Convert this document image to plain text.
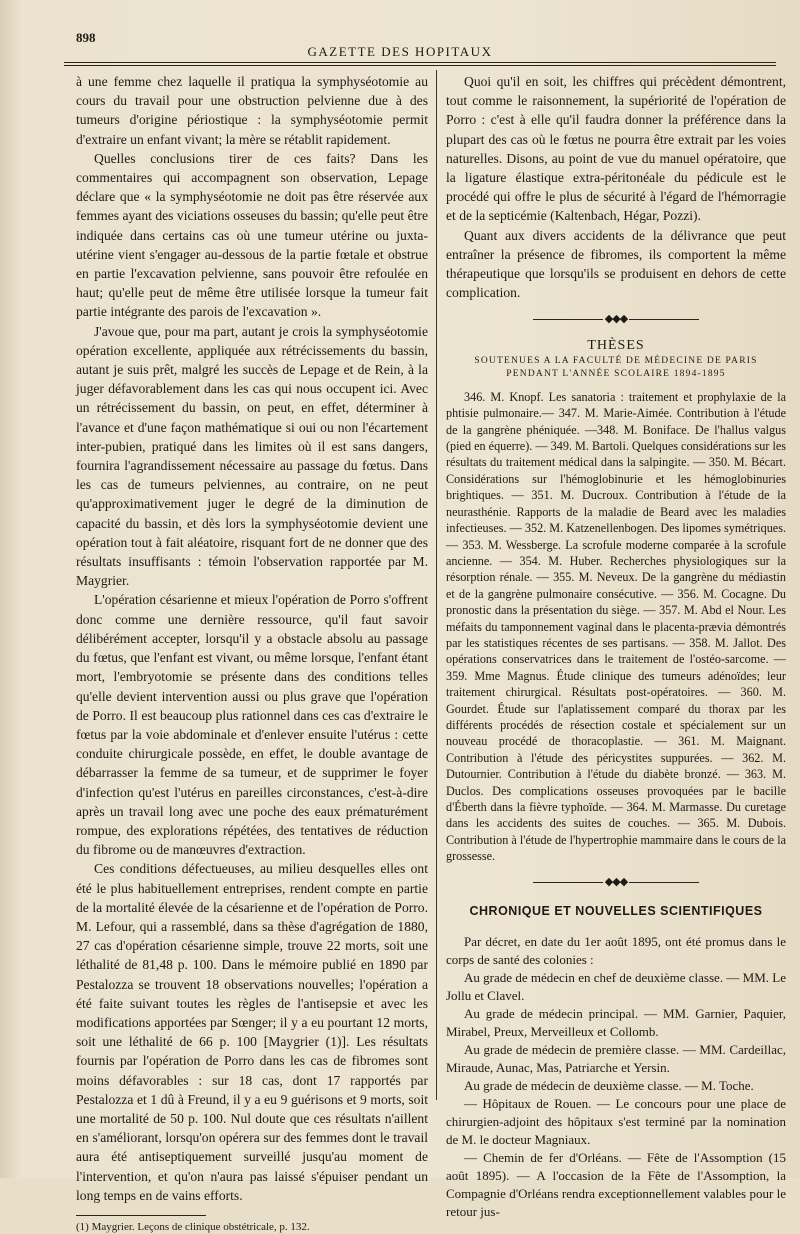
898
GAZETTE DES HOPITAUX

à une femme chez laquelle il pratiqua la symphyséotomie au cours du travail pour une obstruction pelvienne due à des tumeurs d'origine périostique : la symphyséotomie permit d'extraire un enfant vivant; la mère se rétablit rapidement.

Quelles conclusions tirer de ces faits? Dans les commentaires qui accompagnent son observation, Lepage déclare que « la symphyséotomie ne doit pas être réservée aux femmes ayant des viciations osseuses du bassin; qu'elle peut être indiquée dans certains cas où une tumeur utérine ou juxta-utérine vient s'engager au-dessous de la partie fœtale et obstrue en partie l'excavation pelvienne, sans pouvoir être refoulée en haut; qu'elle peut de même être utilisée lorsque la tumeur fait partie intégrante des parois de l'excavation ».

J'avoue que, pour ma part, autant je crois la symphyséotomie opération excellente, appliquée aux rétrécissements du bassin, autant je suis prêt, malgré les succès de Lepage et de Rein, à la juger défavorablement dans les cas qui nous occupent ici. Avec un rétrécissement du bassin, on peut, en effet, déterminer à l'avance et d'une façon mathématique si oui ou non l'écartement inter-pubien, pratiqué dans les limites où il est sans dangers, fournira l'agrandissement nécessaire au passage du fœtus. Dans les cas de tumeurs pelviennes, au contraire, on ne peut qu'approximativement juger le degré de la diminution de capacité du bassin, et dès lors la symphyséotomie devient une opération tout à fait aléatoire, risquant fort de ne donner que des résultats insuffisants : témoin l'observation rapportée par M. Maygrier.

L'opération césarienne et mieux l'opération de Porro s'offrent donc comme une dernière ressource, qu'il faut savoir délibérément accepter, lorsqu'il y a obstacle absolu au passage du fœtus, que l'enfant est vivant, ou même lorsque, l'enfant étant mort, l'embryotomie se présente dans des conditions telles qu'elle devient intervention aussi ou plus grave que l'opération de Porro. Il est beaucoup plus rationnel dans ces cas d'extraire le fœtus par la voie abdominale et d'enlever ensuite l'utérus : cette conduite chirurgicale possède, en effet, le double avantage de débarrasser la femme de sa tumeur, et de supprimer le foyer d'infection qu'est l'utérus en pareilles circonstances, c'est-à-dire après un travail long avec une poche des eaux prématurément rompue, des explorations répétées, des tentatives de réduction du fibrome ou de manœuvres d'extraction.

Ces conditions défectueuses, au milieu desquelles elles ont été le plus habituellement entreprises, rendent compte en partie de la mortalité élevée de la césarienne et de l'opération de Porro. M. Lefour, qui a rassemblé, dans sa thèse d'agrégation de 1880, 27 cas d'opération césarienne simple, trouve 22 morts, soit une léthalité de 81,48 p. 100. Dans le mémoire publié en 1890 par Pestalozza se trouvent 18 observations nouvelles; l'opération a été faite suivant toutes les règles de l'antisepsie et avec les modifications apportées par Sœnger; il y a eu pourtant 12 morts, soit une léthalité de 66 p. 100 [Maygrier (1)]. Les résultats fournis par l'opération de Porro dans les cas de fibromes sont moins défavorables : sur 18 cas, dont 17 rapportés par Pestalozza et 1 dû à Freund, il y a eu 9 guérisons et 9 morts, soit une mortalité de 50 p. 100. Nul doute que ces résultats n'aillent en s'améliorant, lorsqu'on opérera sur des femmes dont le travail aura été antiseptiquement surveillé jusqu'au moment de l'intervention, et qu'on n'aura pas laissé s'épuiser pendant un long temps en de vains efforts.

(1) Maygrier. Leçons de clinique obstétricale, p. 132.

Quoi qu'il en soit, les chiffres qui précèdent démontrent, tout comme le raisonnement, la supériorité de l'opération de Porro : c'est à elle qu'il faudra donner la préférence dans la plupart des cas où le fœtus ne pourra être extrait par les voies naturelles. Disons, au point de vue du manuel opératoire, que la ligature élastique extra-péritonéale du pédicule est le procédé qui offre le plus de sécurité à l'égard de l'hémorragie et de la septicémie (Kaltenbach, Hégar, Pozzi).

Quant aux divers accidents de la délivrance que peut entraîner la présence de fibromes, ils comportent la même thérapeutique que lorsqu'ils se produisent en dehors de cette complication.

◆◆◆
THÈSES
SOUTENUES A LA FACULTÉ DE MÉDECINE DE PARIS
PENDANT L'ANNÉE SCOLAIRE 1894-1895

346. M. Knopf. Les sanatoria : traitement et prophylaxie de la phtisie pulmonaire.— 347. M. Marie-Aimée. Contribution à l'étude de la gangrène phéniquée. —348. M. Boniface. De l'hallus valgus (pied en équerre). — 349. M. Bartoli. Quelques considérations sur les résultats du traitement médical dans la salpingite. — 350. M. Bécart. Considérations sur l'hémoglobinurie et les hémoglobinuries brightiques. — 351. M. Ducroux. Contribution à l'étude de la neurasthénie. Rapports de la maladie de Beard avec les maladies infectieuses. — 352. M. Katzenellenbogen. Des lipomes symétriques. — 353. M. Wessberge. La scrofule moderne comparée à la scrofule ancienne. — 354. M. Huber. Recherches physiologiques sur la résorption rénale. — 355. M. Neveux. De la gangrène du médiastin et de la gangrène pulmonaire consécutive. — 356. M. Cocagne. Du pronostic dans la présentation du siège. — 357. M. Abd el Nour. Les méfaits du tamponnement vaginal dans le placenta-prævia démontrés par les statistiques récentes de ses partisans. — 358. M. Jallot. Des opérations conservatrices dans le traitement de l'ostéo-sarcome. — 359. Mme Magnus. Étude clinique des tumeurs adénoïdes; leur traitement chirurgical. Résultats post-opératoires. — 360. M. Gourdet. Étude sur l'aplatissement comparé du thorax par les différents procédés de résection costale et spécialement sur un nouveau procédé de thoracoplastie. — 361. M. Maignant. Contribution à l'étude des péricystites suppurées. — 362. M. Dutournier. Contribution à l'étude du diabète bronzé. — 363. M. Duclos. Des complications osseuses provoquées par le bacille d'Éberth dans la fièvre typhoïde. — 364. M. Marmasse. Du curetage dans les accidents des suites de couches. — 365. M. Dubois. Contribution à l'étude de l'hypertrophie mammaire dans le cours de la grossesse.

◆◆◆
CHRONIQUE ET NOUVELLES SCIENTIFIQUES

Par décret, en date du 1er août 1895, ont été promus dans le corps de santé des colonies :

Au grade de médecin en chef de deuxième classe. — MM. Le Jollu et Clavel.

Au grade de médecin principal. — MM. Garnier, Paquier, Mirabel, Preux, Merveilleux et Collomb.

Au grade de médecin de première classe. — MM. Cardeillac, Miraude, Aunac, Mas, Patriarche et Yersin.

Au grade de médecin de deuxième classe. — M. Toche.

— Hôpitaux de Rouen. — Le concours pour une place de chirurgien-adjoint des hôpitaux s'est terminé par la nomination de M. le docteur Magniaux.

— Chemin de fer d'Orléans. — Fête de l'Assomption (15 août 1895). — A l'occasion de la Fête de l'Assomption, la Compagnie d'Orléans rendra exceptionnellement valables pour le retour jus-
